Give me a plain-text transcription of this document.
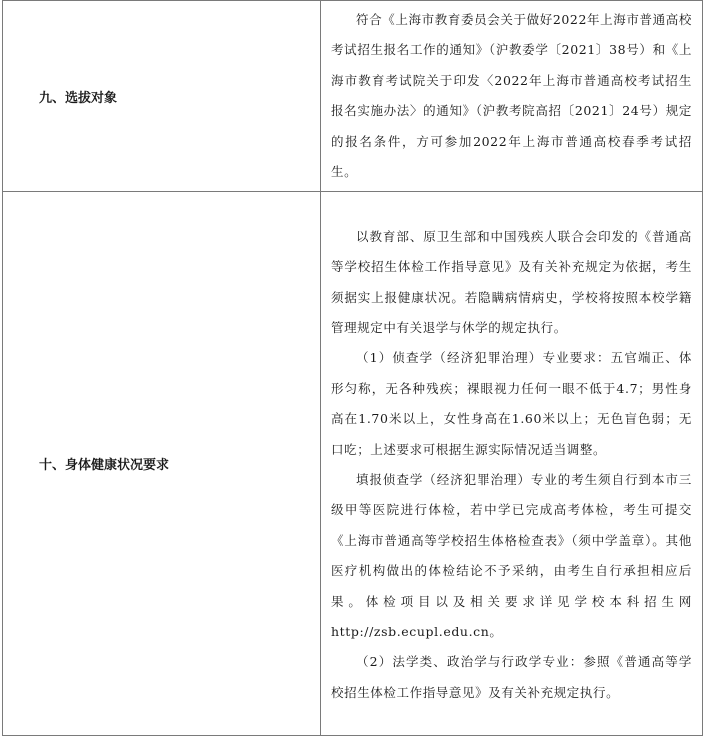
九、选拔对象	符合《上海市教育委员会关于做好2022年上海市普通高校考试招生报名工作的通知》（沪教委学〔2021〕38号）和《上海市教育考试院关于印发〈2022年上海市普通高校考试招生报名实施办法〉的通知》（沪教考院高招〔2021〕24号）规定的报名条件，方可参加2022年上海市普通高校春季考试招生。

十、身体健康状况要求	以教育部、原卫生部和中国残疾人联合会印发的《普通高等学校招生体检工作指导意见》及有关补充规定为依据，考生须据实上报健康状况。若隐瞒病情病史，学校将按照本校学籍管理规定中有关退学与休学的规定执行。

（1）侦查学（经济犯罪治理）专业要求：五官端正、体形匀称，无各种残疾；裸眼视力任何一眼不低于4.7；男性身高在1.70米以上，女性身高在1.60米以上；无色盲色弱；无口吃；上述要求可根据生源实际情况适当调整。

填报侦查学（经济犯罪治理）专业的考生须自行到本市三级甲等医院进行体检，若中学已完成高考体检，考生可提交《上海市普通高等学校招生体格检查表》（须中学盖章）。其他医疗机构做出的体检结论不予采纳，由考生自行承担相应后果。体检项目以及相关要求详见学校本科招生网http://zsb.ecupl.edu.cn。

（2）法学类、政治学与行政学专业：参照《普通高等学校招生体检工作指导意见》及有关补充规定执行。
